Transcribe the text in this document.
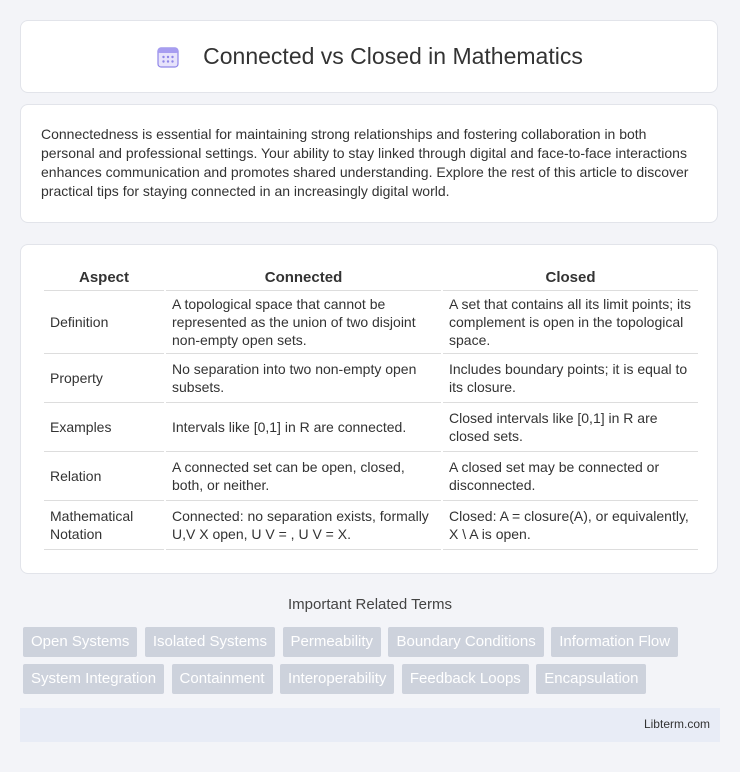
Connected vs Closed in Mathematics

Connectedness is essential for maintaining strong relationships and fostering collaboration in both personal and professional settings. Your ability to stay linked through digital and face-to-face interactions enhances communication and promotes shared understanding. Explore the rest of this article to discover practical tips for staying connected in an increasingly digital world.

Aspect	Connected	Closed
Definition	A topological space that cannot be represented as the union of two disjoint non-empty open sets.	A set that contains all its limit points; its complement is open in the topological space.
Property	No separation into two non-empty open subsets.	Includes boundary points; it is equal to its closure.
Examples	Intervals like [0,1] in R are connected.	Closed intervals like [0,1] in R are closed sets.
Relation	A connected set can be open, closed, both, or neither.	A closed set may be connected or disconnected.
Mathematical Notation	Connected: no separation exists, formally U,V X open, U V = , U V = X.	Closed: A = closure(A), or equivalently, X \ A is open.
Important Related Terms
Open Systems Isolated Systems Permeability Boundary Conditions Information Flow System Integration Containment Interoperability Feedback Loops Encapsulation
Libterm.com
